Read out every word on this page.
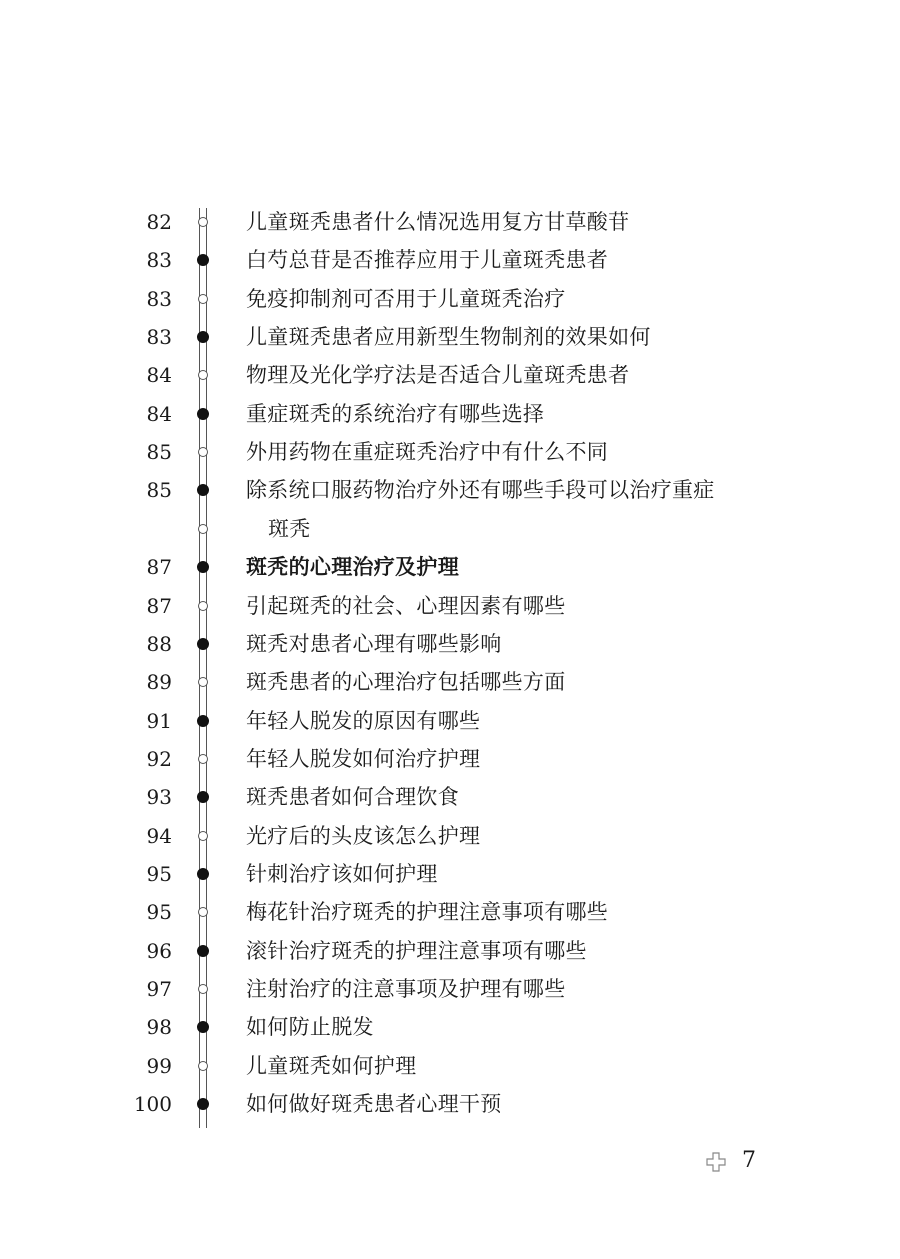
82	儿童斑秃患者什么情况选用复方甘草酸苷
83	白芍总苷是否推荐应用于儿童斑秃患者
83	免疫抑制剂可否用于儿童斑秃治疗
83	儿童斑秃患者应用新型生物制剂的效果如何
84	物理及光化学疗法是否适合儿童斑秃患者
84	重症斑秃的系统治疗有哪些选择
85	外用药物在重症斑秃治疗中有什么不同
85	除系统口服药物治疗外还有哪些手段可以治疗重症
斑秃
87	斑秃的心理治疗及护理
87	引起斑秃的社会、心理因素有哪些
88	斑秃对患者心理有哪些影响
89	斑秃患者的心理治疗包括哪些方面
91	年轻人脱发的原因有哪些
92	年轻人脱发如何治疗护理
93	斑秃患者如何合理饮食
94	光疗后的头皮该怎么护理
95	针刺治疗该如何护理
95	梅花针治疗斑秃的护理注意事项有哪些
96	滚针治疗斑秃的护理注意事项有哪些
97	注射治疗的注意事项及护理有哪些
98	如何防止脱发
99	儿童斑秃如何护理
100	如何做好斑秃患者心理干预
7
